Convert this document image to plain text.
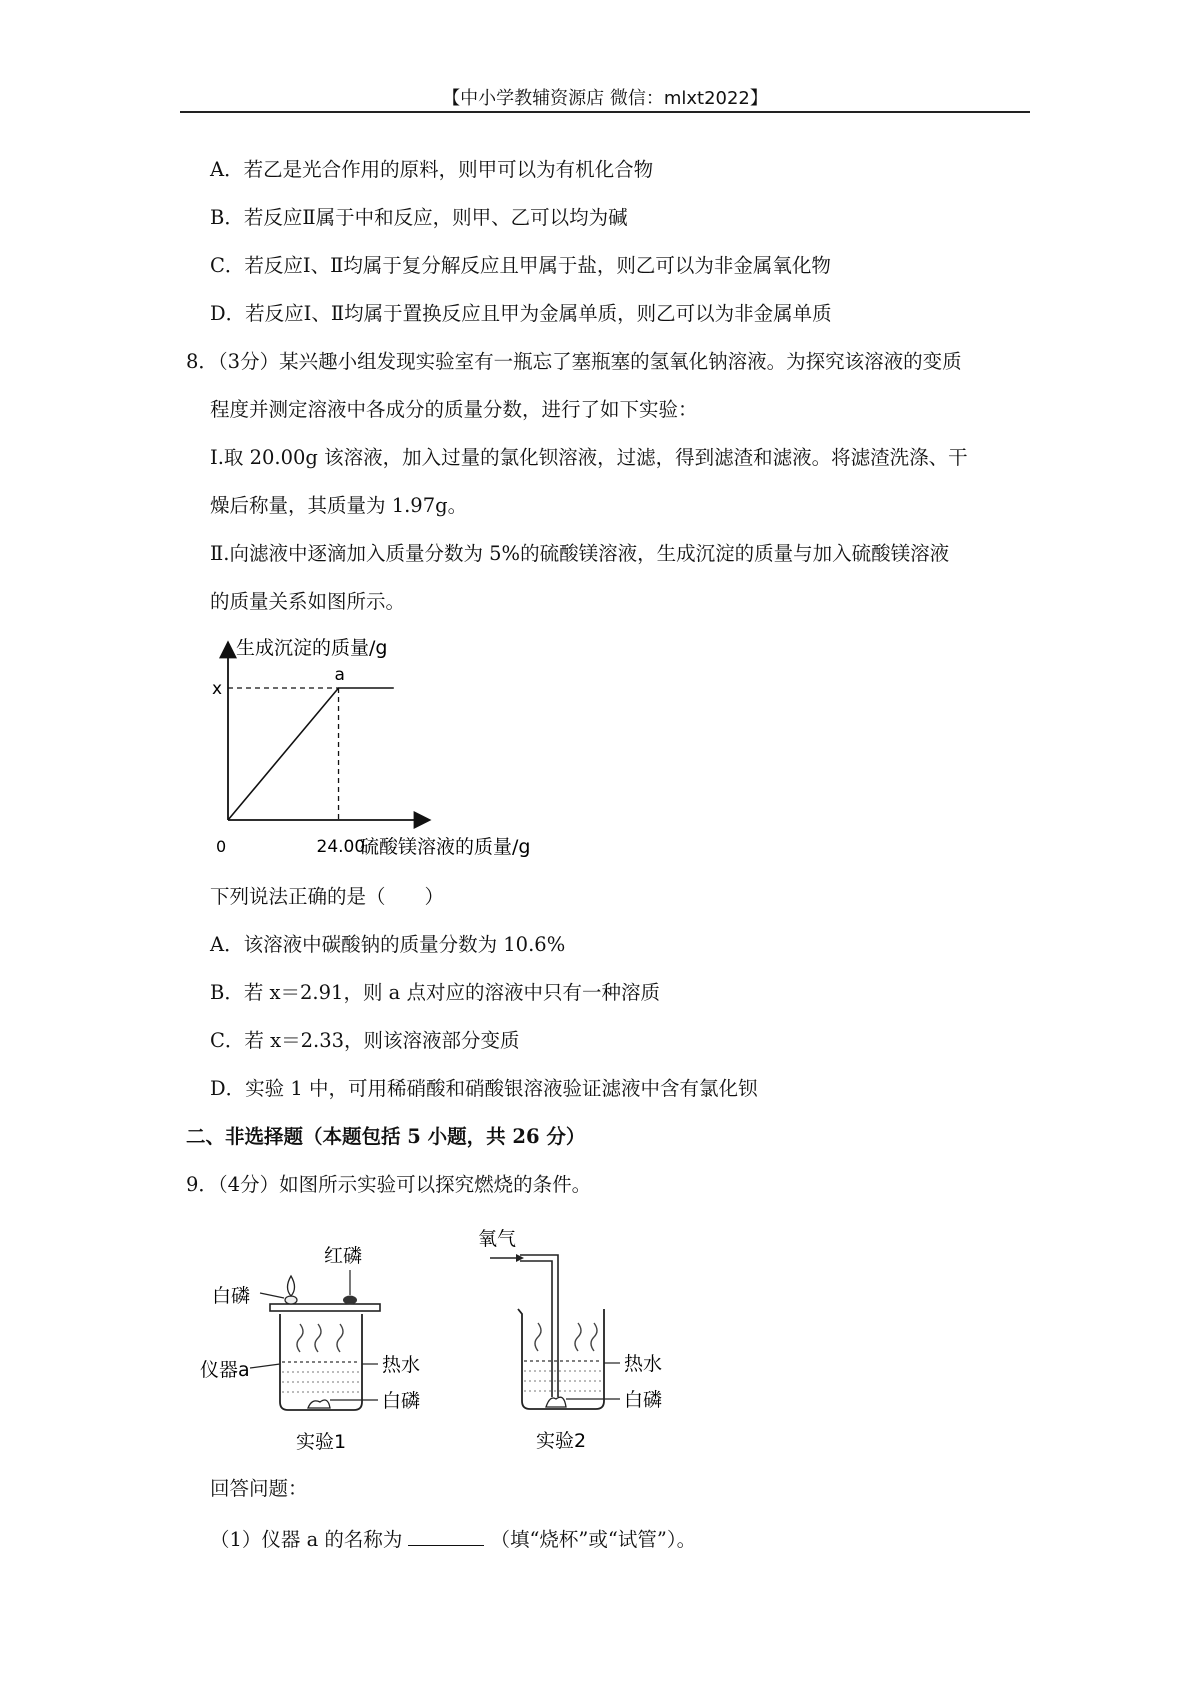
【中小学教辅资源店 微信：mlxt2022】
A．若乙是光合作用的原料，则甲可以为有机化合物
B．若反应Ⅱ属于中和反应，则甲、乙可以均为碱
C．若反应Ⅰ、Ⅱ均属于复分解反应且甲属于盐，则乙可以为非金属氧化物
D．若反应Ⅰ、Ⅱ均属于置换反应且甲为金属单质，则乙可以为非金属单质
8．（3分）某兴趣小组发现实验室有一瓶忘了塞瓶塞的氢氧化钠溶液。为探究该溶液的变质
程度并测定溶液中各成分的质量分数，进行了如下实验：
Ⅰ.取 20.00g 该溶液，加入过量的氯化钡溶液，过滤，得到滤渣和滤液。将滤渣洗涤、干
燥后称量，其质量为 1.97g。
Ⅱ.向滤液中逐滴加入质量分数为 5%的硫酸镁溶液，生成沉淀的质量与加入硫酸镁溶液
的质量关系如图所示。
生成沉淀的质量/g
硫酸镁溶液的质量/g
0	24.00
x
a
下列说法正确的是（　　）
A．该溶液中碳酸钠的质量分数为 10.6%
B．若 x＝2.91，则 a 点对应的溶液中只有一种溶质
C．若 x＝2.33，则该溶液部分变质
D．实验 1 中，可用稀硝酸和硝酸银溶液验证滤液中含有氯化钡
二、非选择题（本题包括 5 小题，共 26 分）
9．（4分）如图所示实验可以探究燃烧的条件。
白磷
红磷
仪器a	热水
白磷
实验1
氧气
热水
白磷
实验2
回答问题：
（1）仪器 a 的名称为	（填“烧杯”或“试管”）。
